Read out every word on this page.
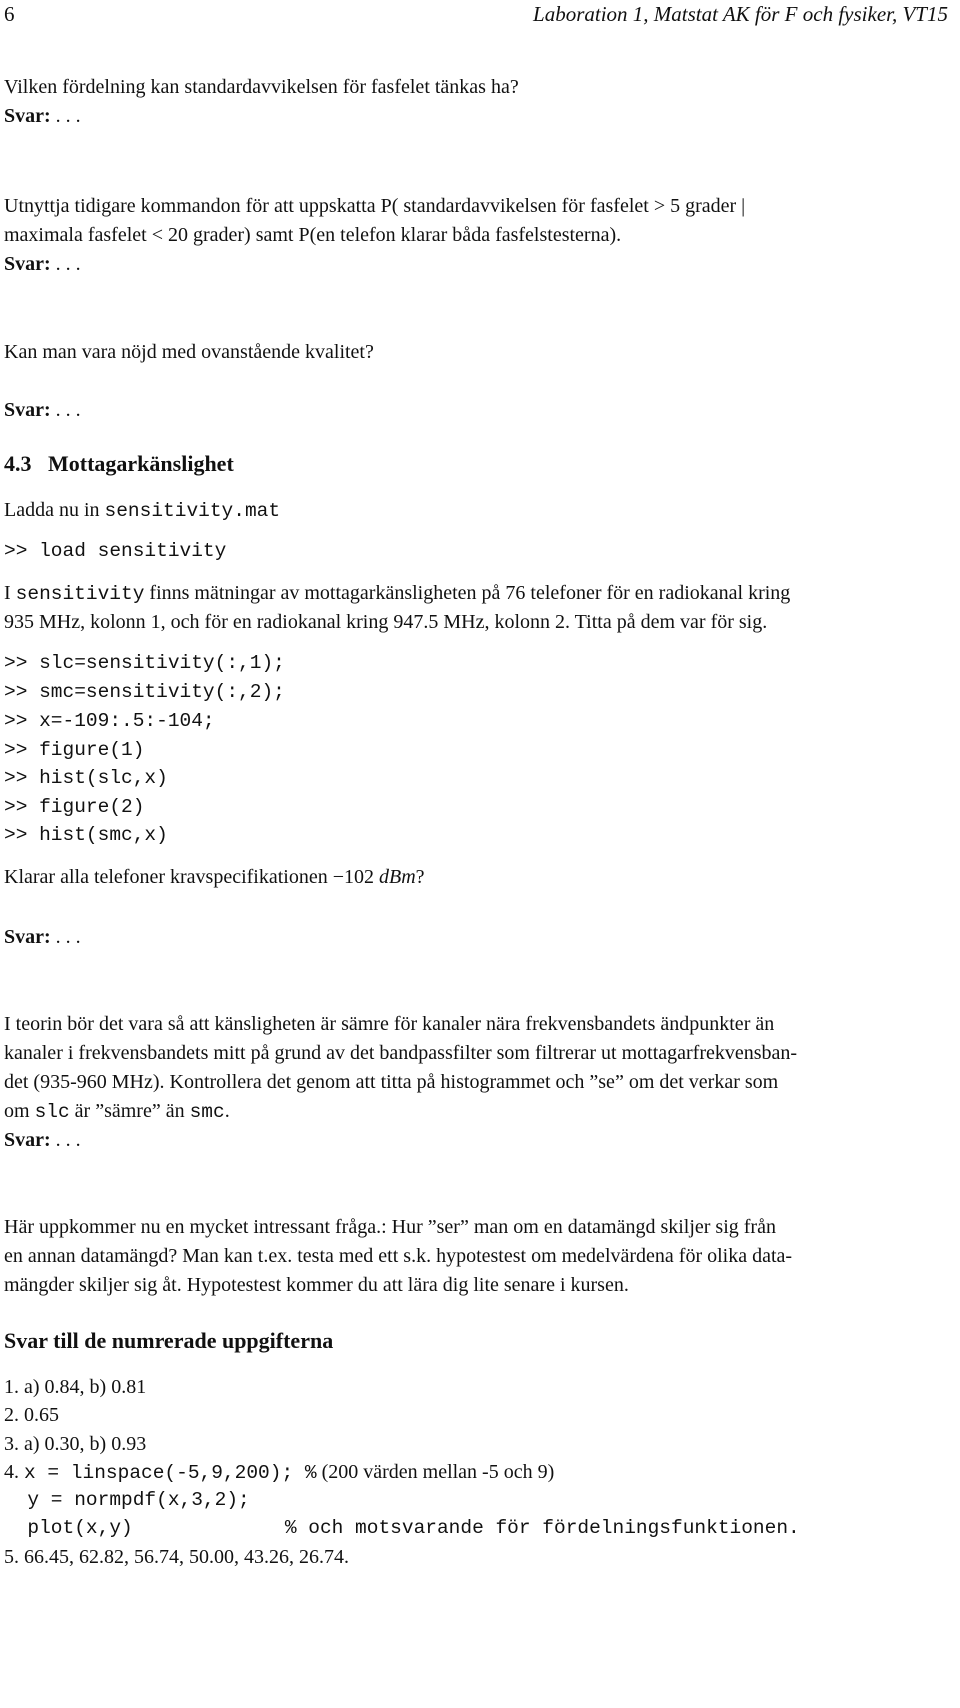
6	Laboration 1, Matstat AK för F och fysiker, VT15
Vilken fördelning kan standardavvikelsen för fasfelet tänkas ha?
Svar: . . .
Utnyttja tidigare kommandon för att uppskatta P( standardavvikelsen för fasfelet > 5 grader |
maximala fasfelet < 20 grader) samt P(en telefon klarar båda fasfelstesterna).
Svar: . . .
Kan man vara nöjd med ovanstående kvalitet?
Svar: . . .
4.3 Mottagarkänslighet
Ladda nu in sensitivity.mat
>> load sensitivity
I sensitivity finns mätningar av mottagarkänsligheten på 76 telefoner för en radiokanal kring
935 MHz, kolonn 1, och för en radiokanal kring 947.5 MHz, kolonn 2. Titta på dem var för sig.
>> slc=sensitivity(:,1);
>> smc=sensitivity(:,2);
>> x=-109:.5:-104;
>> figure(1)
>> hist(slc,x)
>> figure(2)
>> hist(smc,x)
Klarar alla telefoner kravspecifikationen −102 dBm?
Svar: . . .
I teorin bör det vara så att känsligheten är sämre för kanaler nära frekvensbandets ändpunkter än
kanaler i frekvensbandets mitt på grund av det bandpassfilter som filtrerar ut mottagarfrekvensban-
det (935-960 MHz). Kontrollera det genom att titta på histogrammet och ”se” om det verkar som
om slc är ”sämre” än smc.
Svar: . . .
Här uppkommer nu en mycket intressant fråga.: Hur ”ser” man om en datamängd skiljer sig från
en annan datamängd? Man kan t.ex. testa med ett s.k. hypotestest om medelvärdena för olika data-
mängder skiljer sig åt. Hypotestest kommer du att lära dig lite senare i kursen.
Svar till de numrerade uppgifterna
1. a) 0.84, b) 0.81
2. 0.65
3. a) 0.30, b) 0.93
4. x = linspace(-5,9,200); % (200 värden mellan -5 och 9)
y = normpdf(x,3,2);
plot(x,y)             % och motsvarande för fördelningsfunktionen.
5. 66.45, 62.82, 56.74, 50.00, 43.26, 26.74.
